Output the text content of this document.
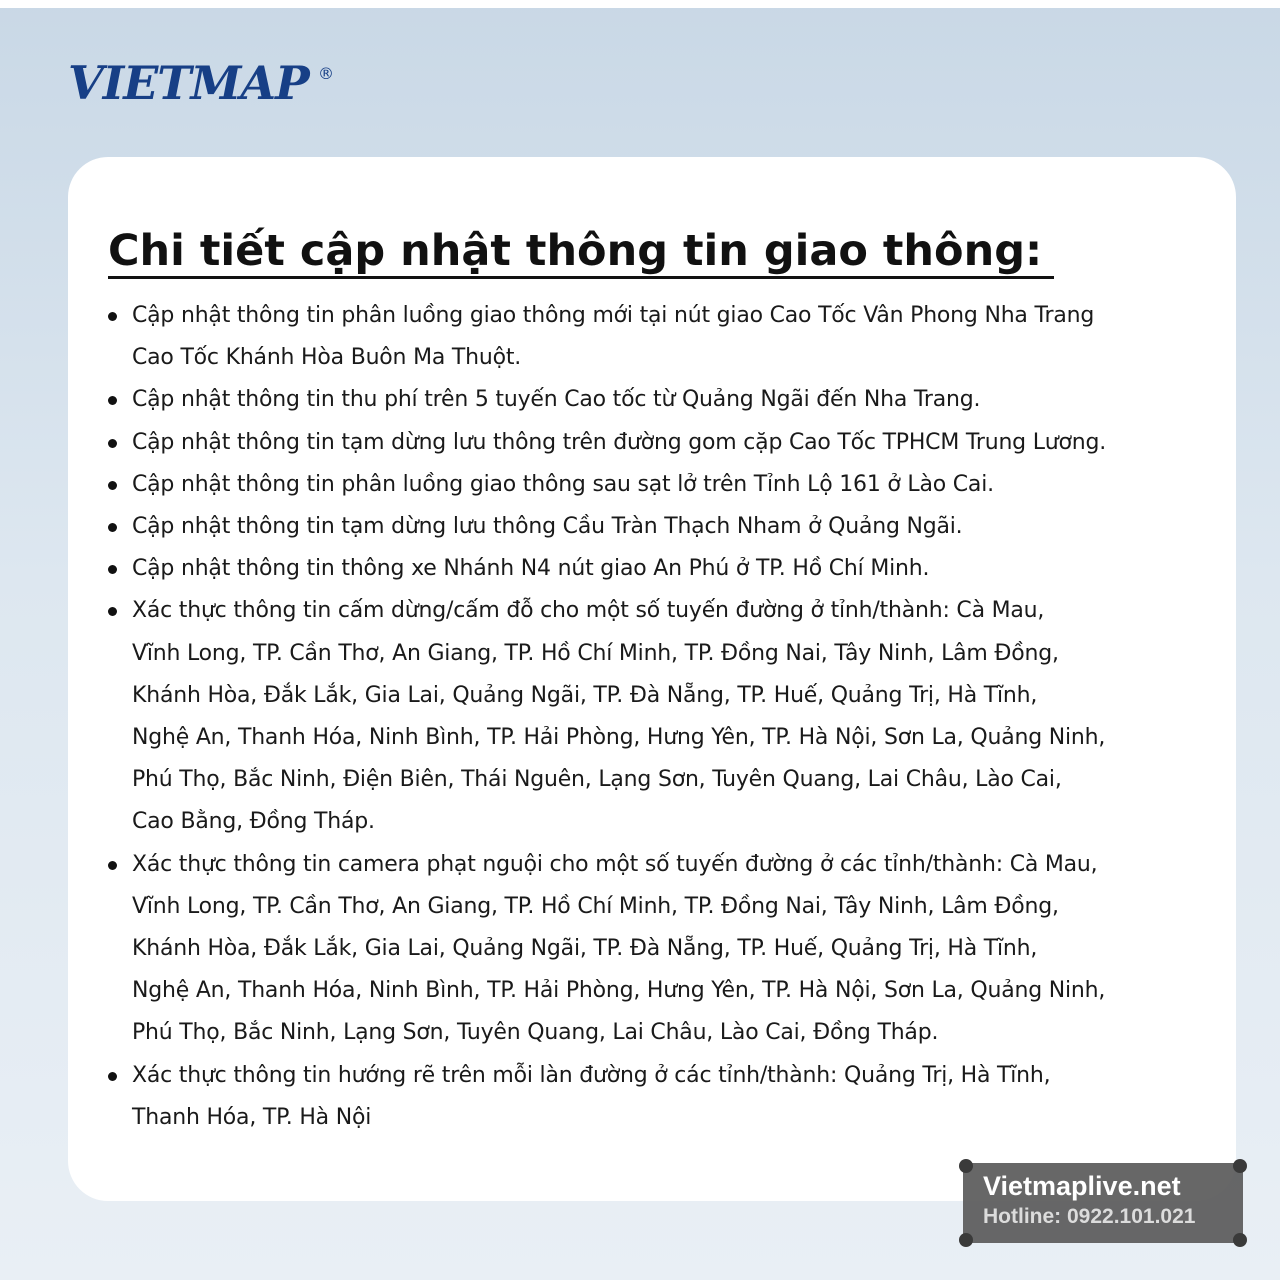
VIETMAP ®
Chi tiết cập nhật thông tin giao thông:
Cập nhật thông tin phân luồng giao thông mới tại nút giao Cao Tốc Vân Phong Nha TrangCao Tốc Khánh Hòa Buôn Ma Thuột.
Cập nhật thông tin thu phí trên 5 tuyến Cao tốc từ Quảng Ngãi đến Nha Trang.
Cập nhật thông tin tạm dừng lưu thông trên đường gom cặp Cao Tốc TPHCM Trung Lương.
Cập nhật thông tin phân luồng giao thông sau sạt lở trên Tỉnh Lộ 161 ở Lào Cai.
Cập nhật thông tin tạm dừng lưu thông Cầu Tràn Thạch Nham ở Quảng Ngãi.
Cập nhật thông tin thông xe Nhánh N4 nút giao An Phú ở TP. Hồ Chí Minh.
Xác thực thông tin cấm dừng/cấm đỗ cho một số tuyến đường ở tỉnh/thành: Cà Mau,Vĩnh Long, TP. Cần Thơ, An Giang, TP. Hồ Chí Minh, TP. Đồng Nai, Tây Ninh, Lâm Đồng,Khánh Hòa, Đắk Lắk, Gia Lai, Quảng Ngãi, TP. Đà Nẵng, TP. Huế, Quảng Trị, Hà Tĩnh,Nghệ An, Thanh Hóa, Ninh Bình, TP. Hải Phòng, Hưng Yên, TP. Hà Nội, Sơn La, Quảng Ninh,Phú Thọ, Bắc Ninh, Điện Biên, Thái Nguên, Lạng Sơn, Tuyên Quang, Lai Châu, Lào Cai,Cao Bằng, Đồng Tháp.
Xác thực thông tin camera phạt nguội cho một số tuyến đường ở các tỉnh/thành: Cà Mau,Vĩnh Long, TP. Cần Thơ, An Giang, TP. Hồ Chí Minh, TP. Đồng Nai, Tây Ninh, Lâm Đồng,Khánh Hòa, Đắk Lắk, Gia Lai, Quảng Ngãi, TP. Đà Nẵng, TP. Huế, Quảng Trị, Hà Tĩnh,Nghệ An, Thanh Hóa, Ninh Bình, TP. Hải Phòng, Hưng Yên, TP. Hà Nội, Sơn La, Quảng Ninh,Phú Thọ, Bắc Ninh, Lạng Sơn, Tuyên Quang, Lai Châu, Lào Cai, Đồng Tháp.
Xác thực thông tin hướng rẽ trên mỗi làn đường ở các tỉnh/thành: Quảng Trị, Hà Tĩnh,Thanh Hóa, TP. Hà Nội
Vietmaplive.net
Hotline: 0922.101.021
